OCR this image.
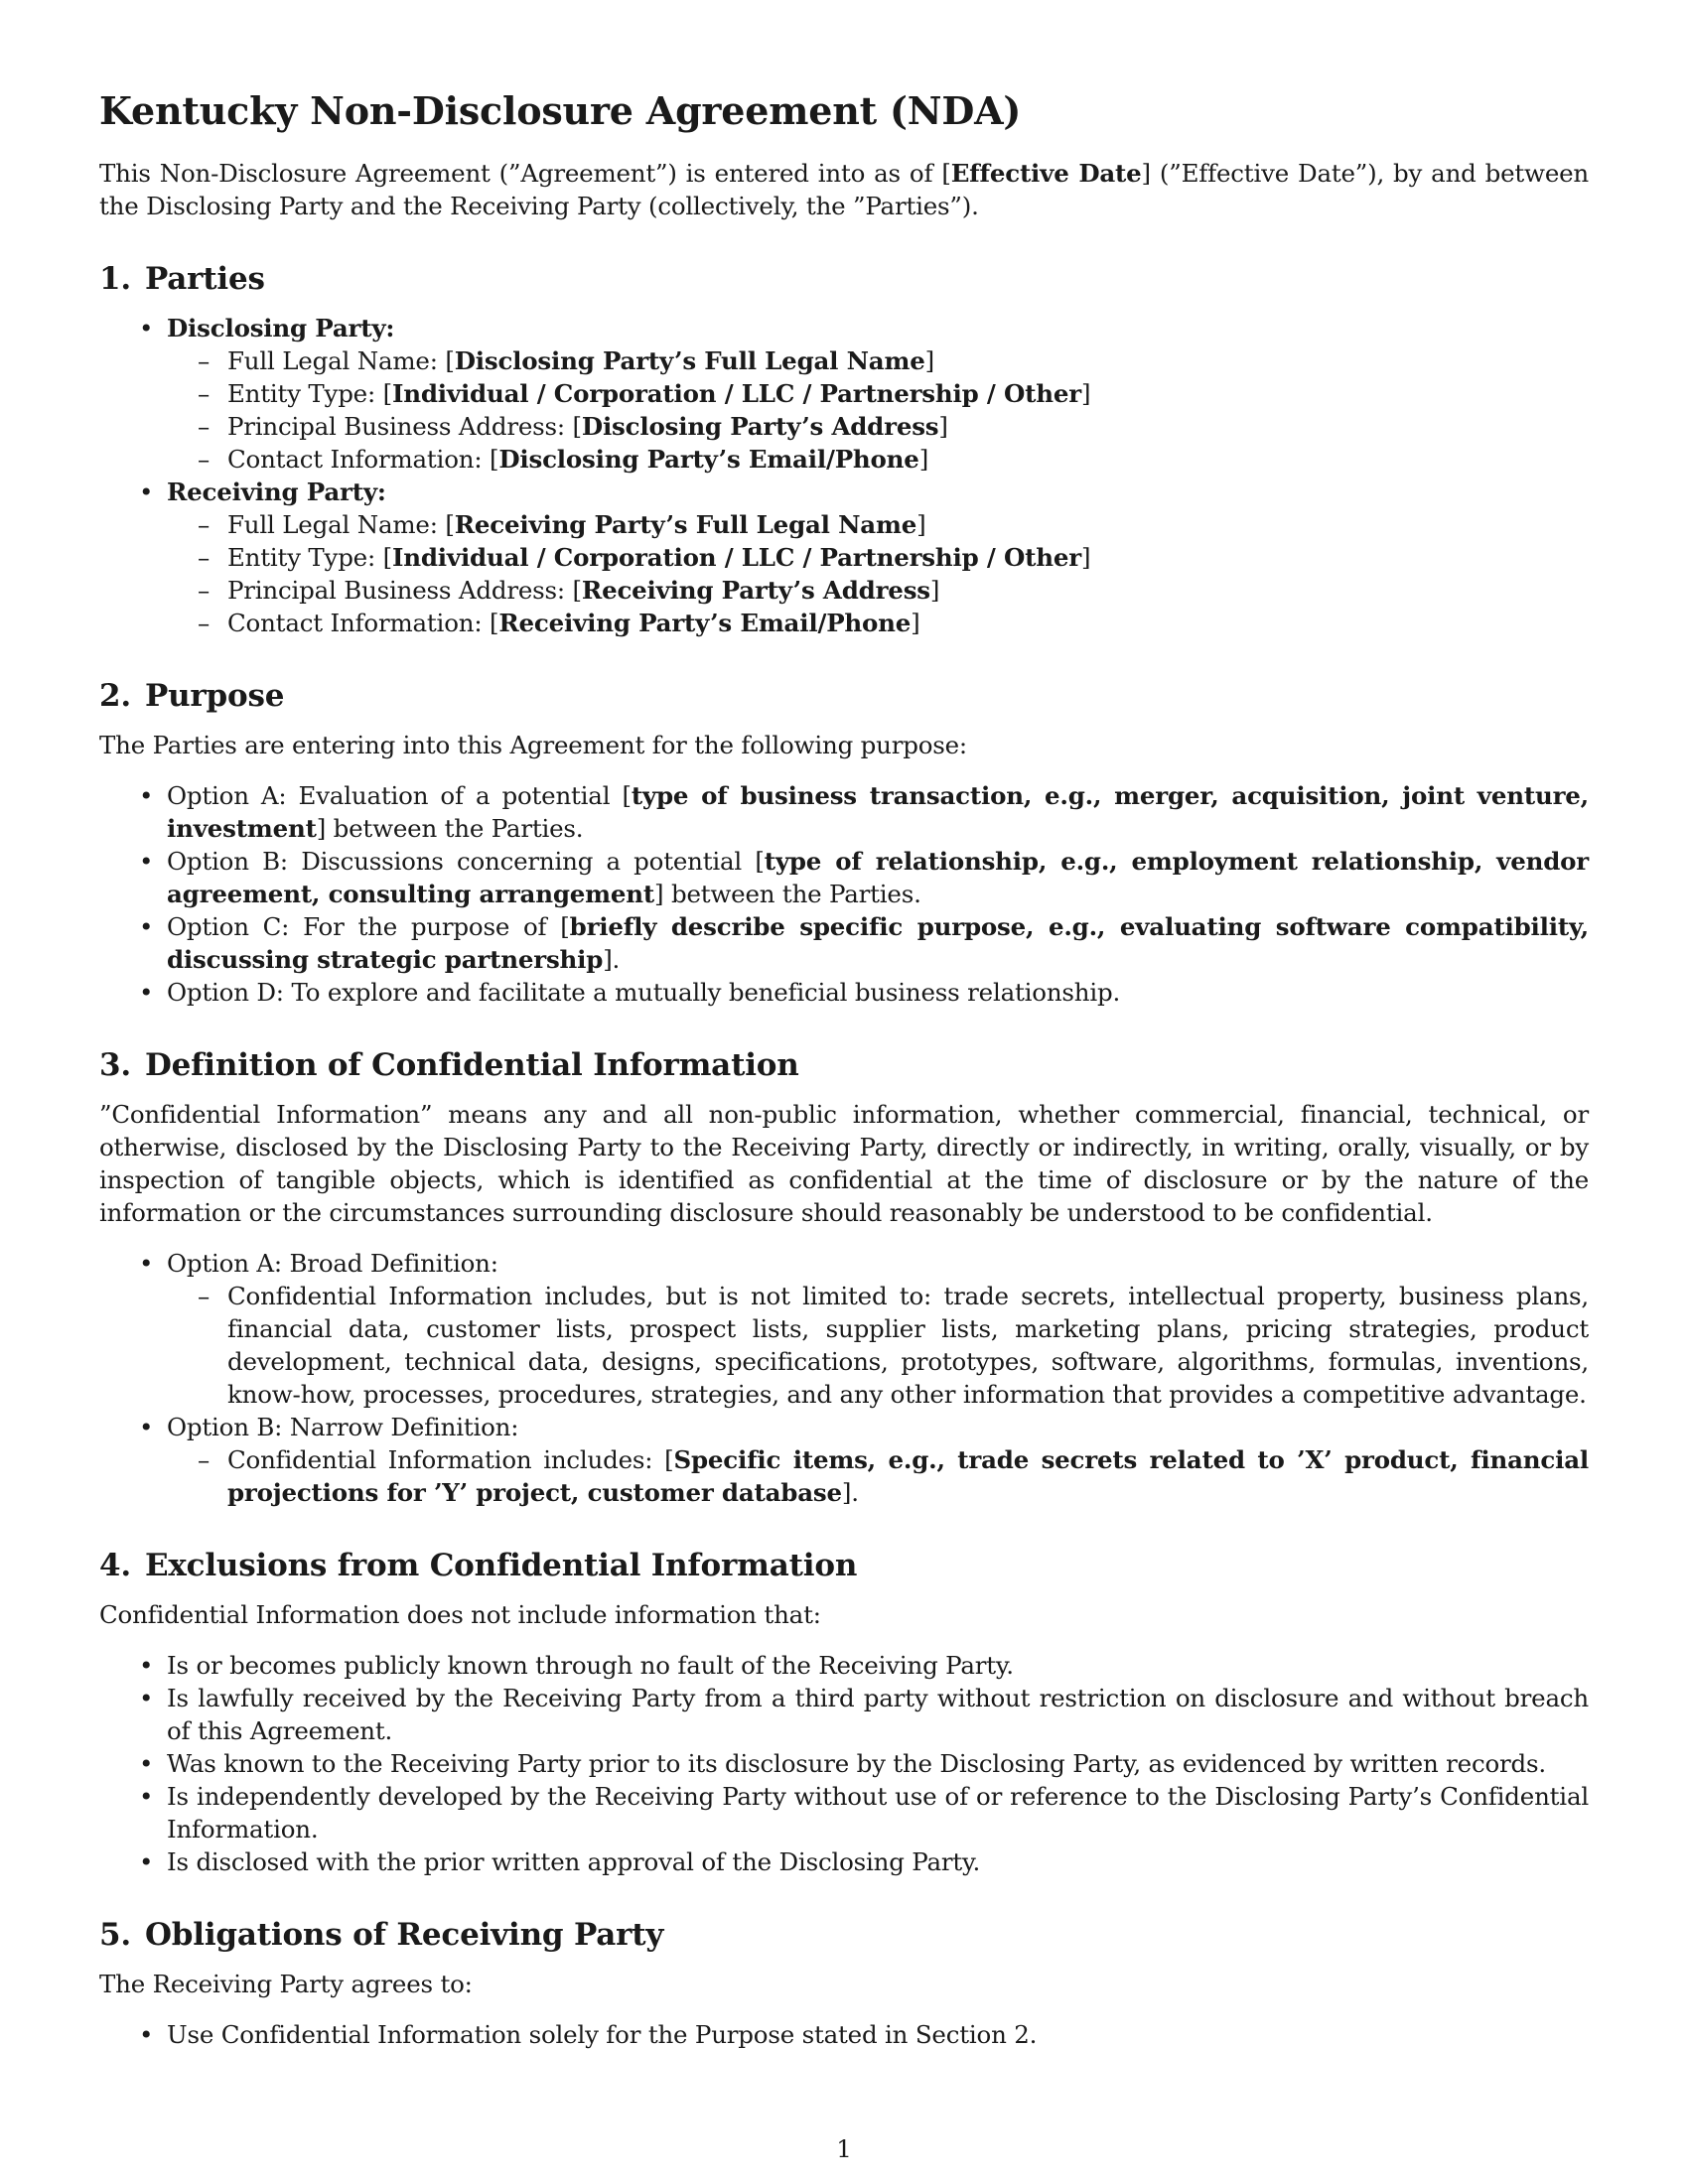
Kentucky Non-Disclosure Agreement (NDA)

This Non-Disclosure Agreement (”Agreement”) is entered into as of [Effective Date] (”Effective Date”), by and between the Disclosing Party and the Receiving Party (collectively, the ”Parties”).

1. Parties
• Disclosing Party:
– Full Legal Name: [Disclosing Party’s Full Legal Name]
– Entity Type: [Individual / Corporation / LLC / Partnership / Other]
– Principal Business Address: [Disclosing Party’s Address]
– Contact Information: [Disclosing Party’s Email/Phone]
• Receiving Party:
– Full Legal Name: [Receiving Party’s Full Legal Name]
– Entity Type: [Individual / Corporation / LLC / Partnership / Other]
– Principal Business Address: [Receiving Party’s Address]
– Contact Information: [Receiving Party’s Email/Phone]
2. Purpose

The Parties are entering into this Agreement for the following purpose:

• Option A: Evaluation of a potential [type of business transaction, e.g., merger, acquisition, joint venture, investment] between the Parties.
• Option B: Discussions concerning a potential [type of relationship, e.g., employment relationship, vendor agreement, consulting arrangement] between the Parties.
• Option C: For the purpose of [briefly describe specific purpose, e.g., evaluating software compatibility, discussing strategic partnership].
• Option D: To explore and facilitate a mutually beneficial business relationship.
3. Definition of Confidential Information

”Confidential Information” means any and all non-public information, whether commercial, financial, technical, or otherwise, disclosed by the Disclosing Party to the Receiving Party, directly or indirectly, in writing, orally, visually, or by inspection of tangible objects, which is identified as confidential at the time of disclosure or by the nature of the information or the circumstances surrounding disclosure should reasonably be understood to be confidential.

• Option A: Broad Definition:
– Confidential Information includes, but is not limited to: trade secrets, intellectual property, business plans, financial data, customer lists, prospect lists, supplier lists, marketing plans, pricing strategies, product development, technical data, designs, specifications, prototypes, software, algorithms, formulas, inventions, know-how, processes, procedures, strategies, and any other information that provides a competitive advantage.
• Option B: Narrow Definition:
– Confidential Information includes: [Specific items, e.g., trade secrets related to ’X’ product, financial projections for ’Y’ project, customer database].
4. Exclusions from Confidential Information

Confidential Information does not include information that:

• Is or becomes publicly known through no fault of the Receiving Party.
• Is lawfully received by the Receiving Party from a third party without restriction on disclosure and without breach of this Agreement.
• Was known to the Receiving Party prior to its disclosure by the Disclosing Party, as evidenced by written records.
• Is independently developed by the Receiving Party without use of or reference to the Disclosing Party’s Confidential Information.
• Is disclosed with the prior written approval of the Disclosing Party.
5. Obligations of Receiving Party

The Receiving Party agrees to:

• Use Confidential Information solely for the Purpose stated in Section 2.
1
